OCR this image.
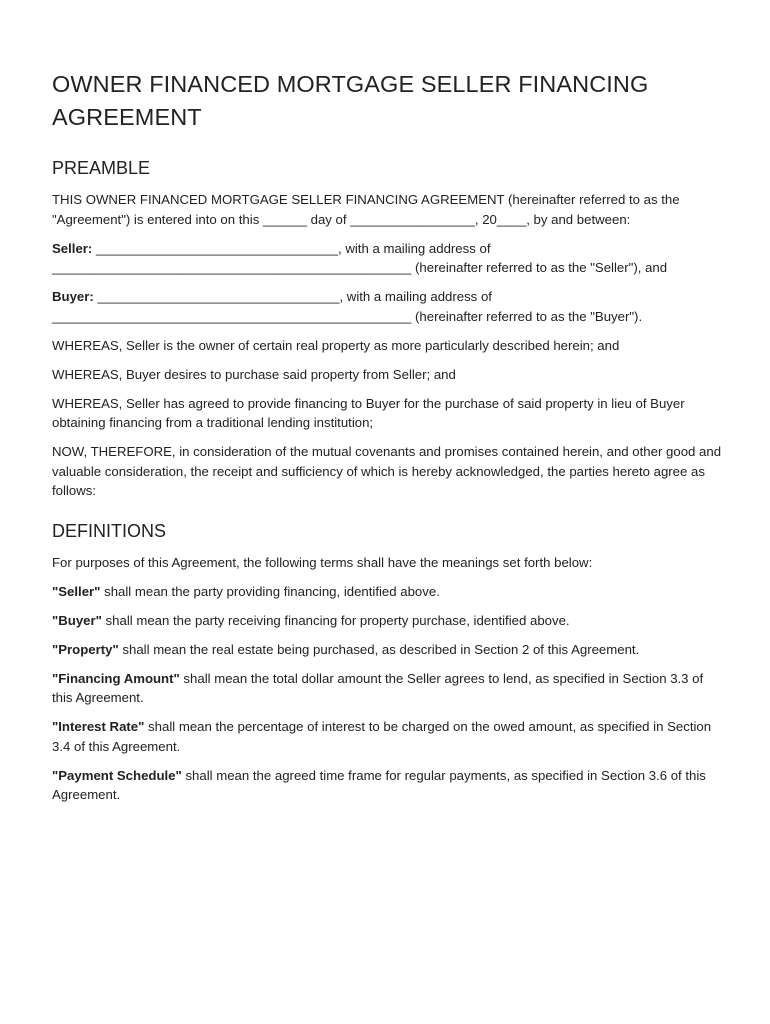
OWNER FINANCED MORTGAGE SELLER FINANCING AGREEMENT
PREAMBLE

THIS OWNER FINANCED MORTGAGE SELLER FINANCING AGREEMENT (hereinafter referred to as the "Agreement") is entered into on this ______ day of _________________, 20____, by and between:

Seller: _________________________________, with a mailing address of _________________________________________________ (hereinafter referred to as the "Seller"), and

Buyer: _________________________________, with a mailing address of _________________________________________________ (hereinafter referred to as the "Buyer").

WHEREAS, Seller is the owner of certain real property as more particularly described herein; and

WHEREAS, Buyer desires to purchase said property from Seller; and

WHEREAS, Seller has agreed to provide financing to Buyer for the purchase of said property in lieu of Buyer obtaining financing from a traditional lending institution;

NOW, THEREFORE, in consideration of the mutual covenants and promises contained herein, and other good and valuable consideration, the receipt and sufficiency of which is hereby acknowledged, the parties hereto agree as follows:

DEFINITIONS

For purposes of this Agreement, the following terms shall have the meanings set forth below:

"Seller" shall mean the party providing financing, identified above.

"Buyer" shall mean the party receiving financing for property purchase, identified above.

"Property" shall mean the real estate being purchased, as described in Section 2 of this Agreement.

"Financing Amount" shall mean the total dollar amount the Seller agrees to lend, as specified in Section 3.3 of this Agreement.

"Interest Rate" shall mean the percentage of interest to be charged on the owed amount, as specified in Section 3.4 of this Agreement.

"Payment Schedule" shall mean the agreed time frame for regular payments, as specified in Section 3.6 of this Agreement.
